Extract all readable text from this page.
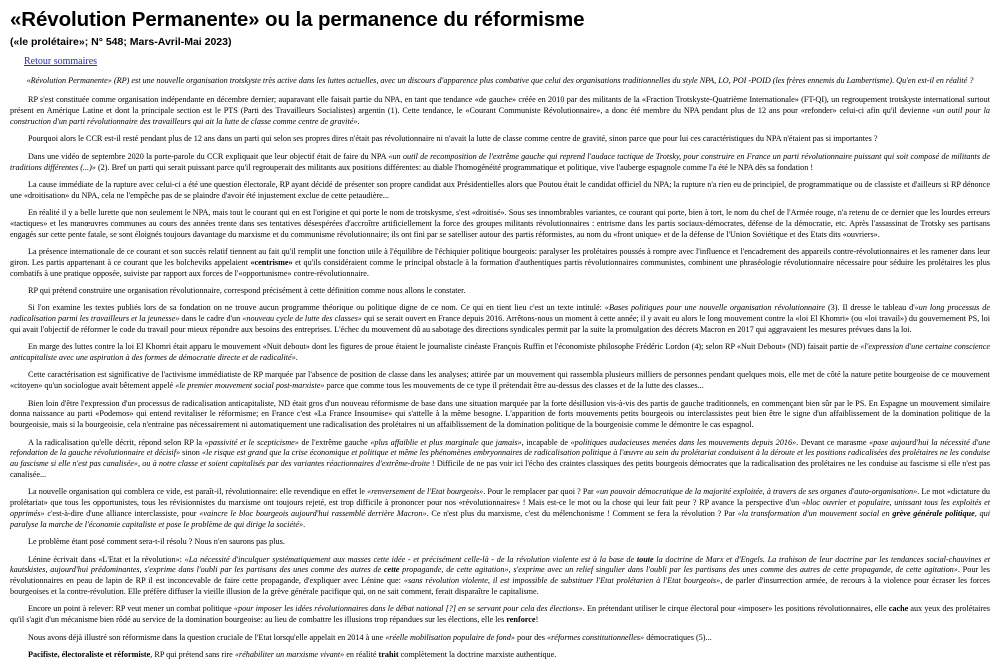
«Révolution Permanente» ou la permanence du réformisme
(«le prolétaire»; N° 548; Mars-Avril-Mai 2023)
Retour sommaires
«Révolution Permanente» (RP) est une nouvelle organisation trotskyste très active dans les luttes actuelles, avec un discours d'apparence plus combative que celui des organisations traditionnelles du style NPA, LO, POI -POID (les frères ennemis du Lambertisme). Qu'en est-il en réalité ?

RP s'est constituée comme organisation indépendante en décembre dernier; auparavant elle faisait partie du NPA, en tant que tendance «de gauche» créée en 2010 par des militants de la «Fraction Trotskyste-Quatrième Internationale» (FT-QI), un regroupement trotskyste international surtout présent en Amérique Latine et dont la principale section est le PTS (Parti des Travailleurs Socialistes) argentin (1). Cette tendance, le «Courant Communiste Révolutionnaire», a donc été membre du NPA pendant plus de 12 ans pour «refonder» celui-ci afin qu'il devienne «un outil pour la construction d'un parti révolutionnaire des travailleurs qui ait la lutte de classe comme centre de gravité».

Pourquoi alors le CCR est-il resté pendant plus de 12 ans dans un parti qui selon ses propres dires n'était pas révolutionnaire ni n'avait la lutte de classe comme centre de gravité, sinon parce que pour lui ces caractéristiques du NPA n'étaient pas si importantes ?

Dans une vidéo de septembre 2020 la porte-parole du CCR expliquait que leur objectif était de faire du NPA «un outil de recomposition de l'extrême gauche qui reprend l'audace tactique de Trotsky, pour construire en France un parti révolutionnaire puissant qui soit composé de militants de traditions différentes (...)» (2). Bref un parti qui serait puissant parce qu'il regrouperait des militants aux positions différentes: au diable l'homogénéité programmatique et politique, vive l'auberge espagnole comme l'a été le NPA dès sa fondation !

La cause immédiate de la rupture avec celui-ci a été une question électorale, RP ayant décidé de présenter son propre candidat aux Présidentielles alors que Poutou était le candidat officiel du NPA; la rupture n'a rien eu de principiel, de programmatique ou de classiste et d'ailleurs si RP dénonce une «droitisation» du NPA, cela ne l'empêche pas de se plaindre d'avoir été injustement exclue de cette petaudière...

En réalité il y a belle lurette que non seulement le NPA, mais tout le courant qui en est l'origine et qui porte le nom de trotskysme, s'est «droitisé». Sous ses innombrables variantes, ce courant qui porte, bien à tort, le nom du chef de l'Armée rouge, n'a retenu de ce dernier que les lourdes erreurs «tactiques» et les manœuvres communes au cours des années trente dans ses tentatives désespérées d'accroître artificiellement la force des groupes militants révolutionnaires : entrisme dans les partis sociaux-démocrates, défense de la démocratie, etc. Après l'assassinat de Trotsky ses partisans engagés sur cette pente fatale, se sont éloignés toujours davantage du marxisme et du communisme révolutionnaire; ils ont fini par se satelliser autour des partis réformistes, au nom du «front unique» et de la défense de l'Union Soviétique et des Etats dits «ouvriers».

La présence internationale de ce courant et son succès relatif tiennent au fait qu'il remplit une fonction utile à l'équilibre de l'échiquier politique bourgeois: paralyser les prolétaires poussés à rompre avec l'influence et l'encadrement des appareils contre-révolutionnaires et les ramener dans leur giron. Les partis appartenant à ce courant que les bolcheviks appelaient «centrisme» et qu'ils considéraient comme le principal obstacle à la formation d'authentiques partis révolutionnaires communistes, combinent une phraséologie révolutionnaire nécessaire pour séduire les prolétaires les plus combatifs à une pratique opposée, suiviste par rapport aux forces de l'«opportunisme» contre-révolutionnaire.

RP qui prétend construire une organisation révolutionnaire, correspond précisément à cette définition comme nous allons le constater.

Si l'on examine les textes publiés lors de sa fondation on ne trouve aucun programme théorique ou politique digne de ce nom. Ce qui en tient lieu c'est un texte intitulé: «Bases politiques pour une nouvelle organisation révolutionnaire (3). Il dresse le tableau d'«un long processus de radicalisation parmi les travailleurs et la jeunesse» dans le cadre d'un «nouveau cycle de lutte des classes» qui se serait ouvert en France depuis 2016. Arrêtons-nous un moment à cette année; il y avait eu alors le long mouvement contre la «loi El Khomri» (ou «loi travail») du gouvernement PS, loi qui avait l'objectif de réformer le code du travail pour mieux répondre aux besoins des entreprises. L'échec du mouvement dû au sabotage des directions syndicales permit par la suite la promulgation des décrets Macron en 2017 qui aggravaient les mesures prévues dans la loi.

En marge des luttes contre la loi El Khomri était apparu le mouvement «Nuit debout» dont les figures de proue étaient le journaliste cinéaste François Ruffin et l'économiste philosophe Frédéric Lordon (4); selon RP «Nuit Debout» (ND) faisait partie de «l'expression d'une certaine conscience anticapitaliste avec une aspiration à des formes de démocratie directe et de radicalité».

Cette caractérisation est significative de l'activisme immédiatiste de RP marquée par l'absence de position de classe dans les analyses; attirée par un mouvement qui rassembla plusieurs milliers de personnes pendant quelques mois, elle met de côté la nature petite bourgeoise de ce mouvement «citoyen» qu'un sociologue avait bêtement appelé «le premier mouvement social post-marxiste» parce que comme tous les mouvements de ce type il prétendait être au-dessus des classes et de la lutte des classes...

Bien loin d'être l'expression d'un processus de radicalisation anticapitaliste, ND était gros d'un nouveau réformisme de base dans une situation marquée par la forte désillusion vis-à-vis des partis de gauche traditionnels, en commençant bien sûr par le PS. En Espagne un mouvement similaire donna naissance au parti «Podemos» qui entend revitaliser le réformisme; en France c'est «La France Insoumise» qui s'attelle à la même besogne. L'apparition de forts mouvements petits bourgeois ou interclassistes peut bien être le signe d'un affaiblissement de la domination politique de la bourgeoisie, mais si la bourgeoisie, cela n'entraine pas nécessairement ni automatiquement une radicalisation des prolétaires ni un affaiblissement de la domination politique de la bourgeoisie comme le démontre le cas espagnol.

A la radicalisation qu'elle décrit, répond selon RP la «passivité et le scepticisme» de l'extrême gauche «plus affaiblie et plus marginale que jamais», incapable de «politiques audacieuses menées dans les mouvements depuis 2016». Devant ce marasme «pose aujourd'hui la nécessité d'une refondation de la gauche révolutionnaire et décisif» sinon «le risque est grand que la crise économique et politique et même les phénomènes embryonnaires de radicalisation politique à l'œuvre au sein du prolétariat conduisent à la déroute et les positions radicalisées des prolétaires ne les conduise au fascisme si elle n'est pas canalisée», ou à notre classe et soient capitalisés par des variantes réactionnaires d'extrême-droite ! Difficile de ne pas voir ici l'écho des craintes classiques des petits bourgeois démocrates que la radicalisation des prolétaires ne les conduise au fascisme si elle n'est pas canalisée...

La nouvelle organisation qui comblera ce vide, est paraît-il, révolutionnaire: elle revendique en effet le «renversement de l'Etat bourgeois». Pour le remplacer par quoi ? Par «un pouvoir démocratique de la majorité exploitée, à travers de ses organes d'auto-organisation». Le mot «dictature du prolétariat» que tous les opportunistes, tous les révisionnistes du marxisme ont toujours rejeté, est trop difficile à prononcer pour nos «révolutionnaires» ! Mais est-ce le mot ou la chose qui leur fait peur ? RP avance la perspective d'un «bloc ouvrier et populaire, unissant tous les exploités et opprimés» c'est-à-dire d'une alliance interclassiste, pour «vaincre le bloc bourgeois aujourd'hui rassemblé derrière Macron». Ce n'est plus du marxisme, c'est du mélenchonisme ! Comment se fera la révolution ? Par «la transformation d'un mouvement social en grève générale politique, qui paralyse la marche de l'économie capitaliste et pose le problème de qui dirige la société».

Le problème étant posé comment sera-t-il résolu ? Nous n'en saurons pas plus.

Lénine écrivait dans «L'Etat et la révolution»: «La nécessité d'inculquer systématiquement aux masses cette idée - et précisément celle-là - de la révolution violente est à la base de toute la doctrine de Marx et d'Engels. La trahison de leur doctrine par les tendances social-chauvines et kautskistes, aujourd'hui prédominantes, s'exprime dans l'oubli par les partisans des unes comme des autres de cette propagande, de cette agitation», s'exprime avec un relief singulier dans l'oubli par les partisans des unes comme des autres de cette propagande, de cette agitation». Pour les révolutionnaires en peau de lapin de RP il est inconcevable de faire cette propagande, d'expliquer avec Lénine que: «sans révolution violente, il est impossible de substituer l'Etat prolétarien à l'Etat bourgeois», de parler d'insurrection armée, de recours à la violence pour écraser les forces bourgeoises et la contre-révolution. Elle préfère diffuser la vieille illusion de la grève générale pacifique qui, on ne sait comment, ferait disparaître le capitalisme.

Encore un point à relever: RP veut mener un combat politique «pour imposer les idées révolutionnaires dans le débat national [?] en se servant pour cela des élections». En prétendant utiliser le cirque électoral pour «imposer» les positions révolutionnaires, elle cache aux yeux des prolétaires qu'il s'agit d'un mécanisme bien rôdé au service de la domination bourgeoise: au lieu de combattre les illusions trop répandues sur les élections, elle les renforce!

Nous avons déjà illustré son réformisme dans la question cruciale de l'Etat lorsqu'elle appelait en 2014 à une «réelle mobilisation populaire de fond» pour des «réformes constitutionnelles» démocratiques (5)...

Pacifiste, électoraliste et réformiste, RP qui prétend sans rire «réhabiliter un marxisme vivant» en réalité trahit complètement la doctrine marxiste authentique.
